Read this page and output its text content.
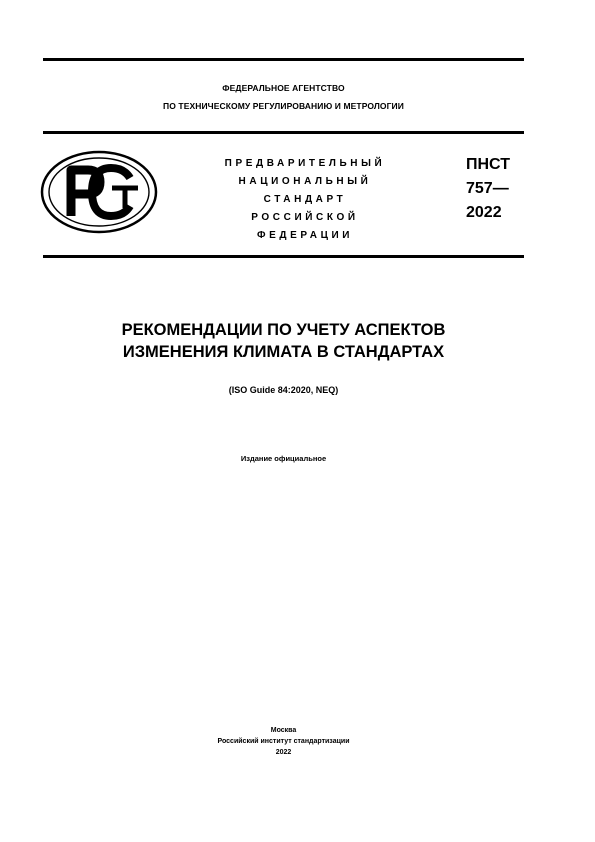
ФЕДЕРАЛЬНОЕ АГЕНТСТВО
ПО ТЕХНИЧЕСКОМУ РЕГУЛИРОВАНИЮ И МЕТРОЛОГИИ
ПРЕДВАРИТЕЛЬНЫЙ
НАЦИОНАЛЬНЫЙ
СТАНДАРТ
РОССИЙСКОЙ
ФЕДЕРАЦИИ
ПНСТ
757—
2022
РЕКОМЕНДАЦИИ ПО УЧЕТУ АСПЕКТОВ
ИЗМЕНЕНИЯ КЛИМАТА В СТАНДАРТАХ
(ISO Guide 84:2020, NEQ)
Издание официальное
Москва
Российский институт стандартизации
2022
